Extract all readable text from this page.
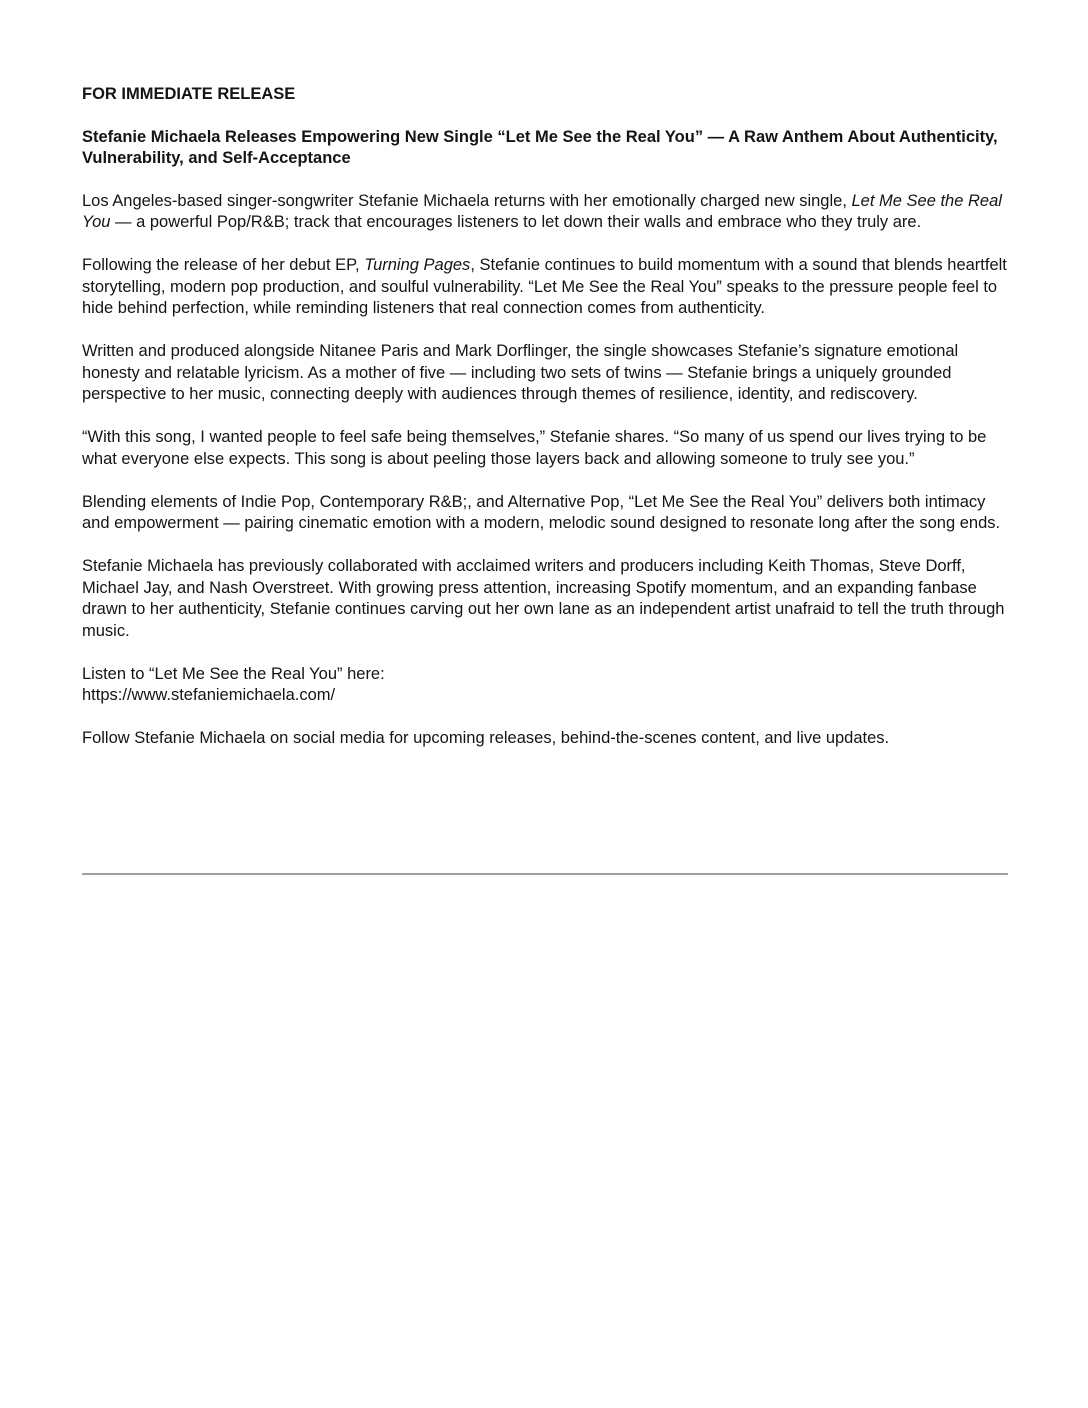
FOR IMMEDIATE RELEASE

Stefanie Michaela Releases Empowering New Single “Let Me See the Real You” — A Raw Anthem About Authenticity, Vulnerability, and Self-Acceptance

Los Angeles-based singer-songwriter Stefanie Michaela returns with her emotionally charged new single, Let Me See the Real You — a powerful Pop/R&B; track that encourages listeners to let down their walls and embrace who they truly are.

Following the release of her debut EP, Turning Pages, Stefanie continues to build momentum with a sound that blends heartfelt storytelling, modern pop production, and soulful vulnerability. “Let Me See the Real You” speaks to the pressure people feel to hide behind perfection, while reminding listeners that real connection comes from authenticity.

Written and produced alongside Nitanee Paris and Mark Dorflinger, the single showcases Stefanie’s signature emotional honesty and relatable lyricism. As a mother of five — including two sets of twins — Stefanie brings a uniquely grounded perspective to her music, connecting deeply with audiences through themes of resilience, identity, and rediscovery.

“With this song, I wanted people to feel safe being themselves,” Stefanie shares. “So many of us spend our lives trying to be what everyone else expects. This song is about peeling those layers back and allowing someone to truly see you.”

Blending elements of Indie Pop, Contemporary R&B;, and Alternative Pop, “Let Me See the Real You” delivers both intimacy and empowerment — pairing cinematic emotion with a modern, melodic sound designed to resonate long after the song ends.

Stefanie Michaela has previously collaborated with acclaimed writers and producers including Keith Thomas, Steve Dorff, Michael Jay, and Nash Overstreet. With growing press attention, increasing Spotify momentum, and an expanding fanbase drawn to her authenticity, Stefanie continues carving out her own lane as an independent artist unafraid to tell the truth through music.

Listen to “Let Me See the Real You” here:
https://www.stefaniemichaela.com/

Follow Stefanie Michaela on social media for upcoming releases, behind-the-scenes content, and live updates.
